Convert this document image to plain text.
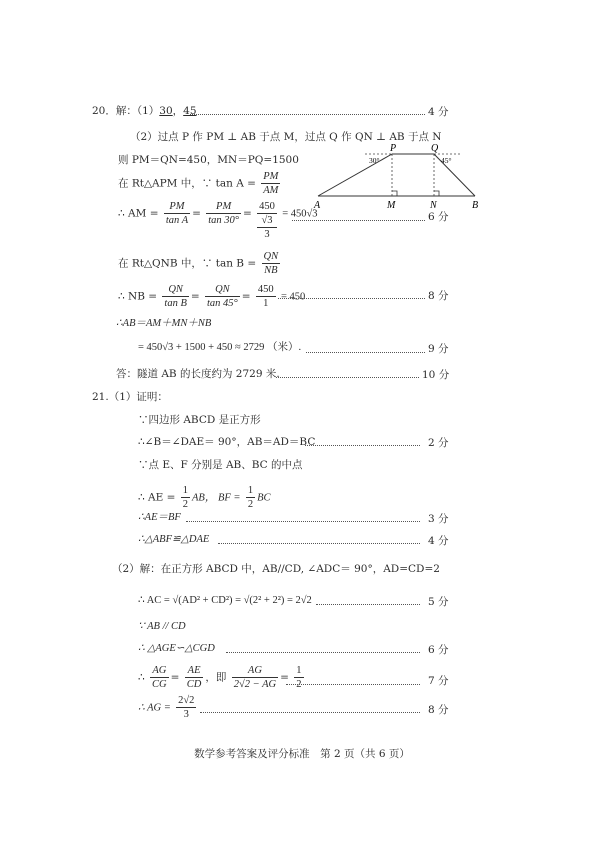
20．解：（1）30，45	4 分
（2）过点 P 作 PM ⊥ AB 于点 M，过点 Q 作 QN ⊥ AB 于点 N
则 PM＝QN=450，MN＝PQ=1500
在 Rt△APM 中，∵ $\tan A = \frac{PM}{AM}$
∴ AM = $\frac{PM}{\text{tan A}} = \frac{PM}{\tan 30^\circ}$ =
450
√3
3
= 450√3	6 分
在 Rt△QNB 中，∵ $\tan B = \frac{QN}{NB}$
∴ NB = $\frac{QN}{\text{tan B}} = \frac{QN}{\tan 45^\circ} = \frac{450}{1} = 450$	8 分
∴AB＝AM＋MN＋NB
= 450√3 + 1500 + 450 ≈ 2729 （米）.	9 分
答：隧道 AB 的长度约为 2729 米.	10 分
P	Q
A	M	N	B
30°	45°
21.（1）证明：
∵四边形 ABCD 是正方形
∴∠B＝∠DAE＝ 90°，AB＝AD＝BC	2 分
∵点 E、F 分别是 AB、BC 的中点
∴ AE = $\frac{1}{2}$ AB， BF = $\frac{1}{2}$ BC
∴AE＝BF	3 分
∴△ABF≌△DAE	4 分
（2）解：在正方形 ABCD 中，AB//CD, ∠ADC＝ 90°，AD=CD=2
∴ AC = √(AD² + CD²) = √(2² + 2²) = 2√2	5 分
∵ AB // CD
∴ △AGE∽△CGD	6 分
∴ $\frac{AG}{CG} = \frac{AE}{CD}$ ，即 $\frac{AG}{2√2 - AG} = \frac{1}{2}$	7 分
∴ AG = $\frac{2√2}{3}$	8 分
数学参考答案及评分标准　第 2 页（共 6 页）
